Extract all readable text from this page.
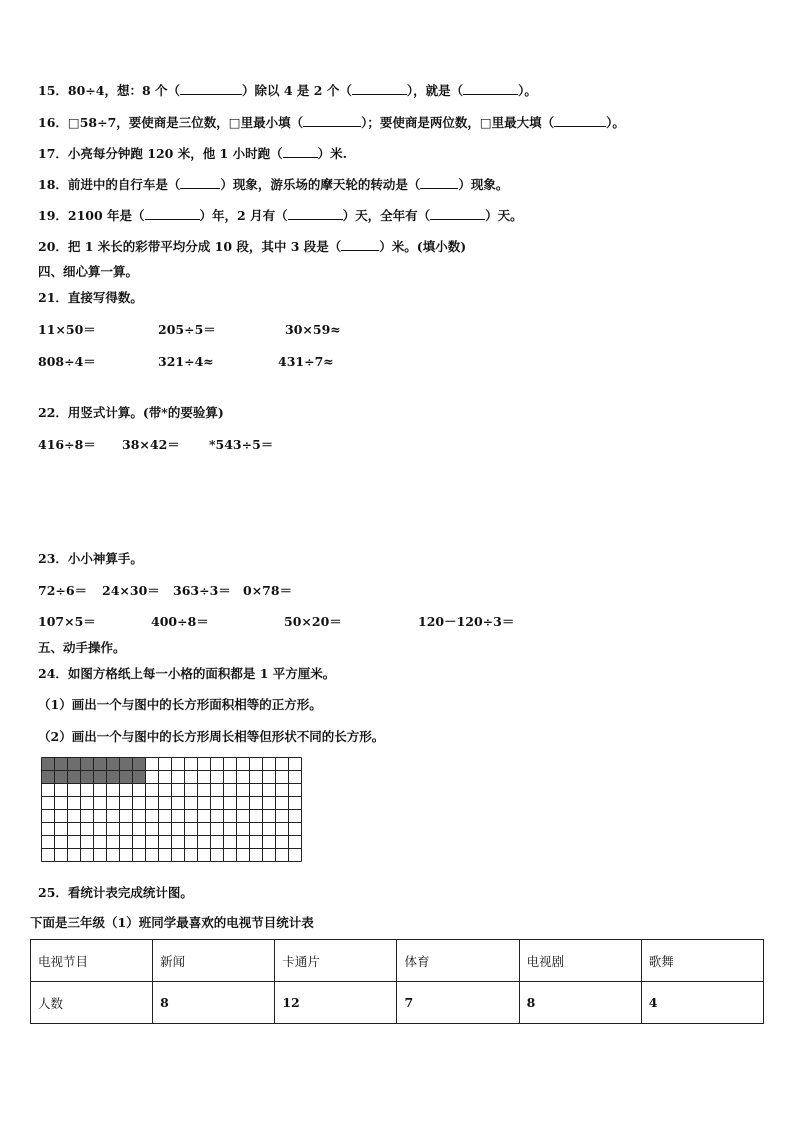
15．80÷4，想：8 个（	）除以 4 是 2 个（	），就是（	）。
16．□58÷7，要使商是三位数，□里最小填（	）；要使商是两位数，□里最大填（	）。
17．小亮每分钟跑 120 米，他 1 小时跑（	）米.
18．前进中的自行车是（	）现象，游乐场的摩天轮的转动是（	）现象。
19．2100 年是（	）年，2 月有（	）天，全年有（	）天。
20．把 1 米长的彩带平均分成 10 段，其中 3 段是（	）米。(填小数)
四、细心算一算。
21．直接写得数。
11×50＝	205÷5＝	30×59≈
808÷4＝	321÷4≈	431÷7≈
22．用竖式计算。(带*的要验算)
416÷8＝ 38×42＝ *543÷5＝
23．小小神算手。
72÷6＝ 24×30＝ 363÷3＝ 0×78＝
107×5＝	400÷8＝	50×20＝	120－120÷3＝
五、动手操作。
24．如图方格纸上每一小格的面积都是 1 平方厘米。
（1）画出一个与图中的长方形面积相等的正方形。
（2）画出一个与图中的长方形周长相等但形状不同的长方形。
25．看统计表完成统计图。
下面是三年级（1）班同学最喜欢的电视节目统计表
电视节目	新闻	卡通片	体育	电视剧	歌舞
人数	8	12	7	8	4
